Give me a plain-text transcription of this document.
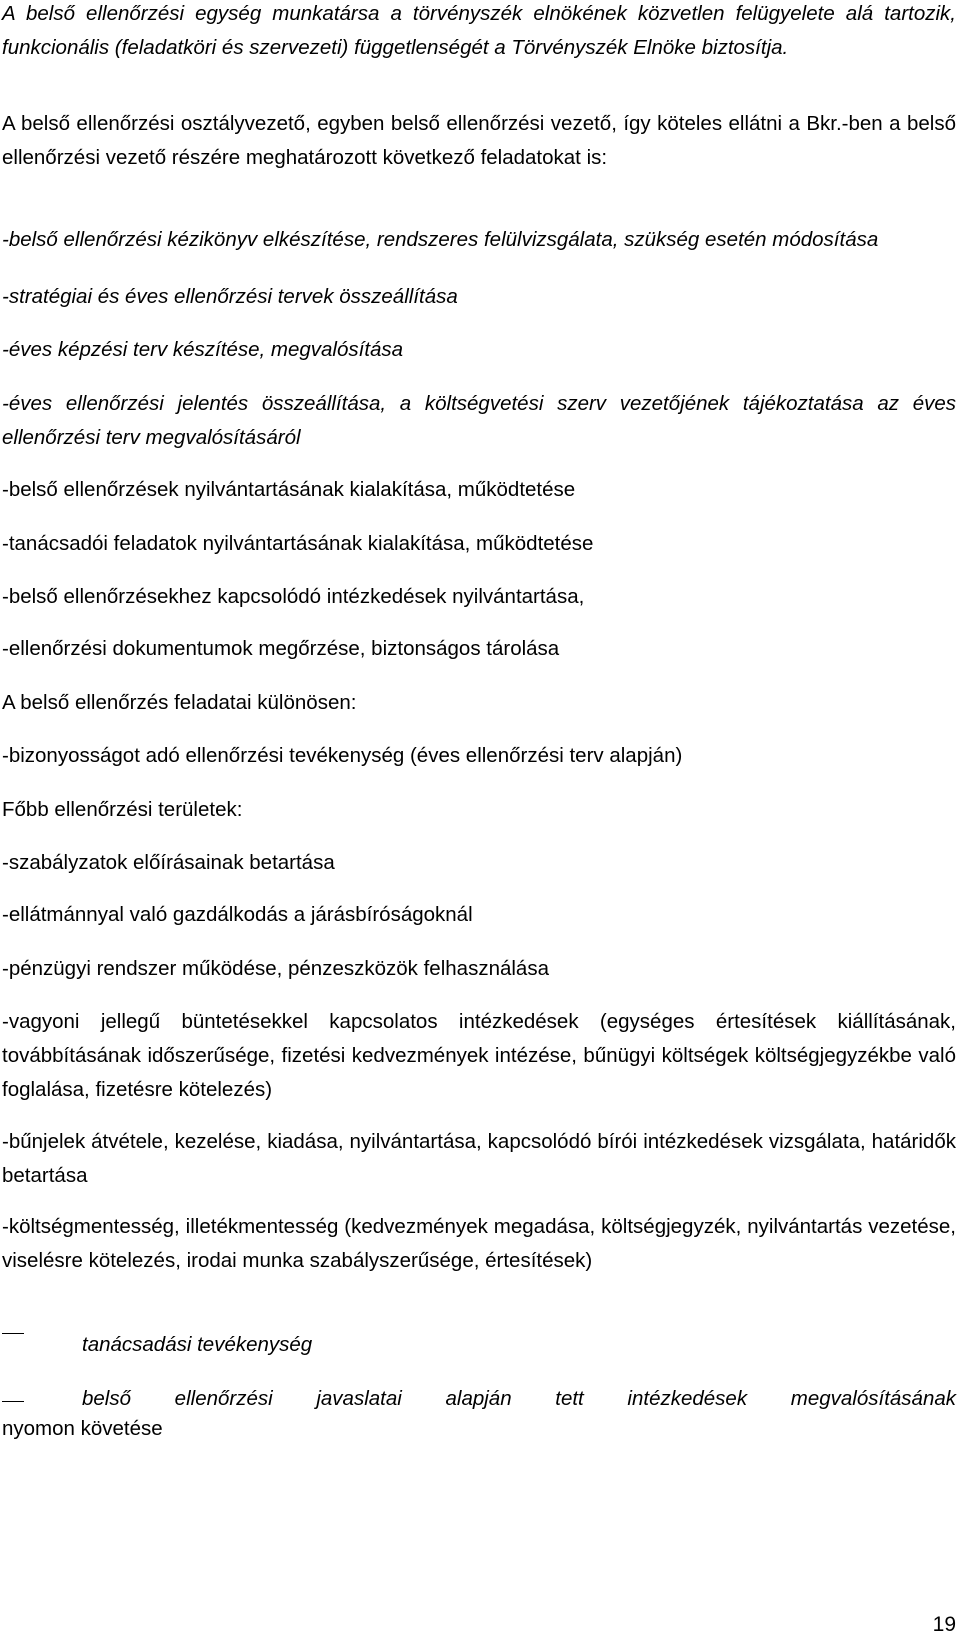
A belső ellenőrzési egység munkatársa a törvényszék elnökének közvetlen felügyelete alá tartozik, funkcionális (feladatköri és szervezeti) függetlenségét a Törvényszék Elnöke biztosítja.

A belső ellenőrzési osztályvezető, egyben belső ellenőrzési vezető, így köteles ellátni a Bkr.-ben a belső ellenőrzési vezető részére meghatározott következő feladatokat is:

-belső ellenőrzési kézikönyv elkészítése, rendszeres felülvizsgálata, szükség esetén módosítása

-stratégiai és éves ellenőrzési tervek összeállítása

-éves képzési terv készítése, megvalósítása

-éves ellenőrzési jelentés összeállítása, a költségvetési szerv vezetőjének tájékoztatása az éves ellenőrzési terv megvalósításáról

-belső ellenőrzések nyilvántartásának kialakítása, működtetése

-tanácsadói feladatok nyilvántartásának kialakítása, működtetése

-belső ellenőrzésekhez kapcsolódó intézkedések nyilvántartása,

-ellenőrzési dokumentumok megőrzése, biztonságos tárolása

A belső ellenőrzés feladatai különösen:

-bizonyosságot adó ellenőrzési tevékenység (éves ellenőrzési terv alapján)

Főbb ellenőrzési területek:

-szabályzatok előírásainak betartása

-ellátmánnyal való gazdálkodás a járásbíróságoknál

-pénzügyi rendszer működése, pénzeszközök felhasználása

-vagyoni jellegű büntetésekkel kapcsolatos intézkedések (egységes értesítések kiállításának, továbbításának időszerűsége, fizetési kedvezmények intézése, bűnügyi költségek költségjegyzékbe való foglalása, fizetésre kötelezés)

-bűnjelek átvétele, kezelése, kiadása, nyilvántartása, kapcsolódó bírói intézkedések vizsgálata, határidők betartása

-költségmentesség, illetékmentesség (kedvezmények megadása, költségjegyzék, nyilvántartás vezetése, viselésre kötelezés, irodai munka szabályszerűsége, értesítések)

tanácsadási tevékenység

belső ellenőrzési javaslatai alapján tett intézkedések megvalósításának

nyomon követése

19
